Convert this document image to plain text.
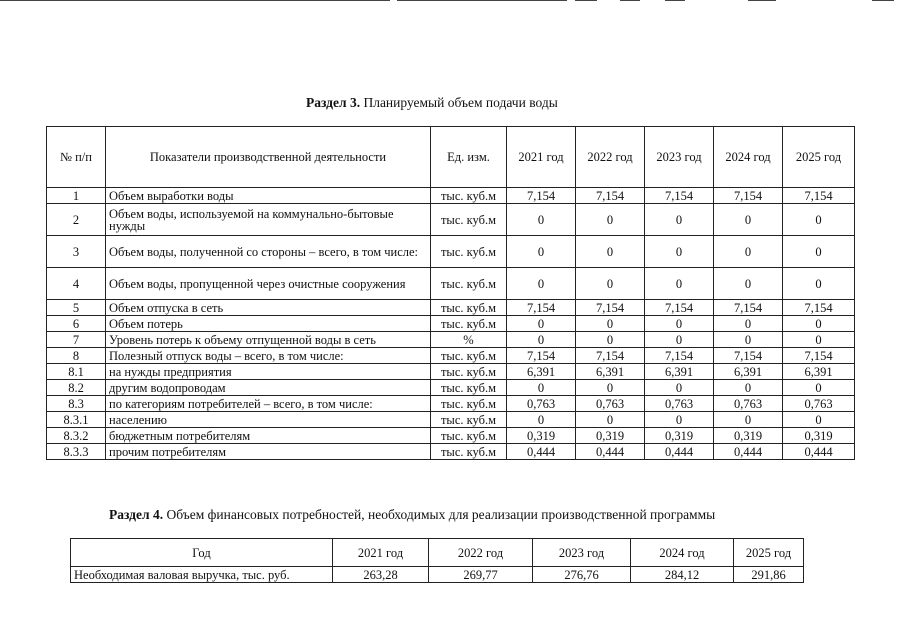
Раздел 3. Планируемый объем подачи воды
№ п/п	Показатели производственной деятельности	Ед. изм.	2021 год	2022 год	2023 год	2024 год	2025 год
1	Объем выработки воды	тыс. куб.м	7,154	7,154	7,154	7,154	7,154
2	Объем воды, используемой на коммунально-бытовые нужды	тыс. куб.м	0	0	0	0	0
3	Объем воды, полученной со стороны – всего, в том числе:	тыс. куб.м	0	0	0	0	0
4	Объем воды, пропущенной через очистные сооружения	тыс. куб.м	0	0	0	0	0
5	Объем отпуска в сеть	тыс. куб.м	7,154	7,154	7,154	7,154	7,154
6	Объем потерь	тыс. куб.м	0	0	0	0	0
7	Уровень потерь к объему отпущенной воды в сеть	%	0	0	0	0	0
8	Полезный отпуск воды – всего, в том числе:	тыс. куб.м	7,154	7,154	7,154	7,154	7,154
8.1	на нужды предприятия	тыс. куб.м	6,391	6,391	6,391	6,391	6,391
8.2	другим водопроводам	тыс. куб.м	0	0	0	0	0
8.3	по категориям потребителей – всего, в том числе:	тыс. куб.м	0,763	0,763	0,763	0,763	0,763
8.3.1	населению	тыс. куб.м	0	0	0	0	0
8.3.2	бюджетным потребителям	тыс. куб.м	0,319	0,319	0,319	0,319	0,319
8.3.3	прочим потребителям	тыс. куб.м	0,444	0,444	0,444	0,444	0,444
Раздел 4. Объем финансовых потребностей, необходимых для реализации производственной программы
Год	2021 год	2022 год	2023 год	2024 год	2025 год
Необходимая валовая выручка, тыс. руб.	263,28	269,77	276,76	284,12	291,86
